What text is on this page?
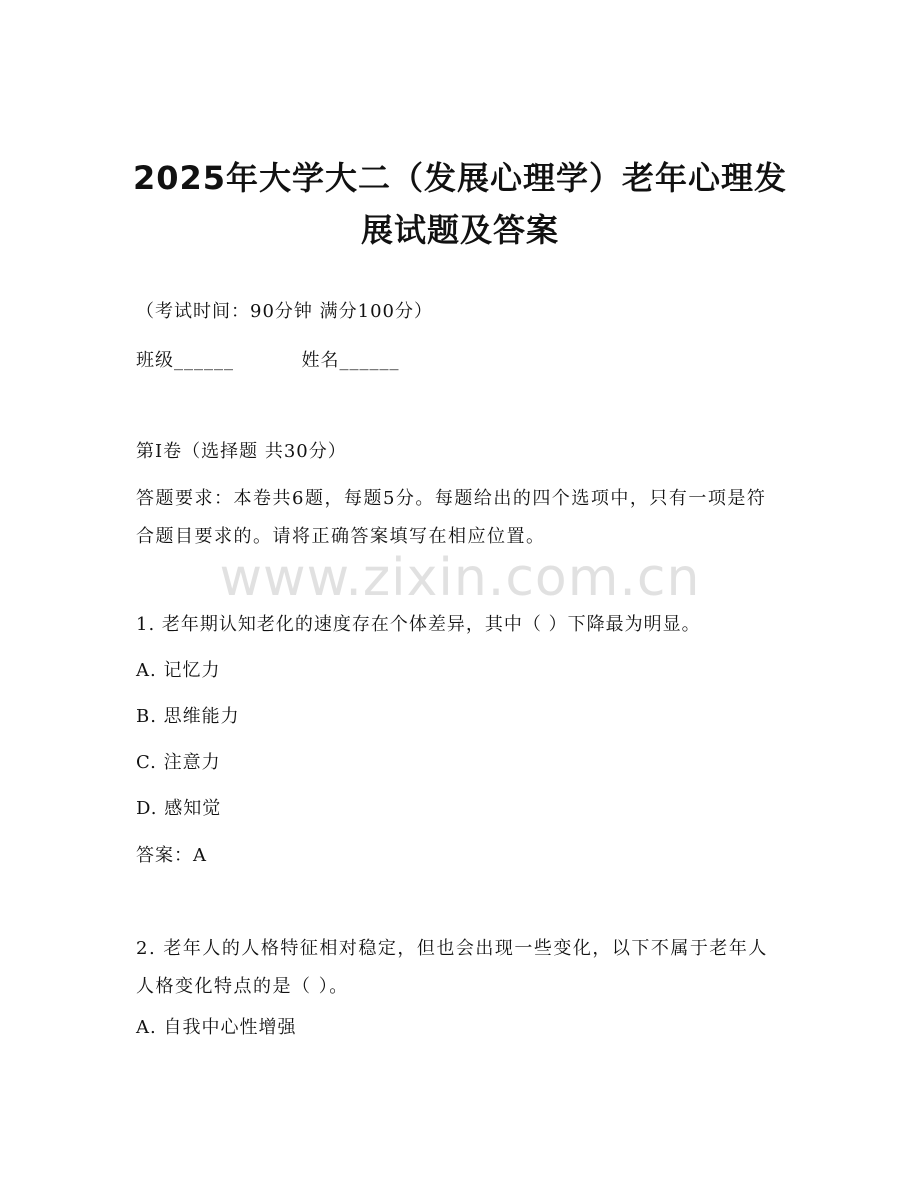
2025年大学大二（发展心理学）老年心理发
展试题及答案
（考试时间：90分钟 满分100分）
班级______	姓名______
第I卷（选择题 共30分）
答题要求：本卷共6题，每题5分。每题给出的四个选项中，只有一项是符合题目要求的。请将正确答案填写在相应位置。
www.zixin.com.cn
1. 老年期认知老化的速度存在个体差异，其中（ ）下降最为明显。
A. 记忆力
B. 思维能力
C. 注意力
D. 感知觉
答案：A
2. 老年人的人格特征相对稳定，但也会出现一些变化，以下不属于老年人人格变化特点的是（ ）。
A. 自我中心性增强
